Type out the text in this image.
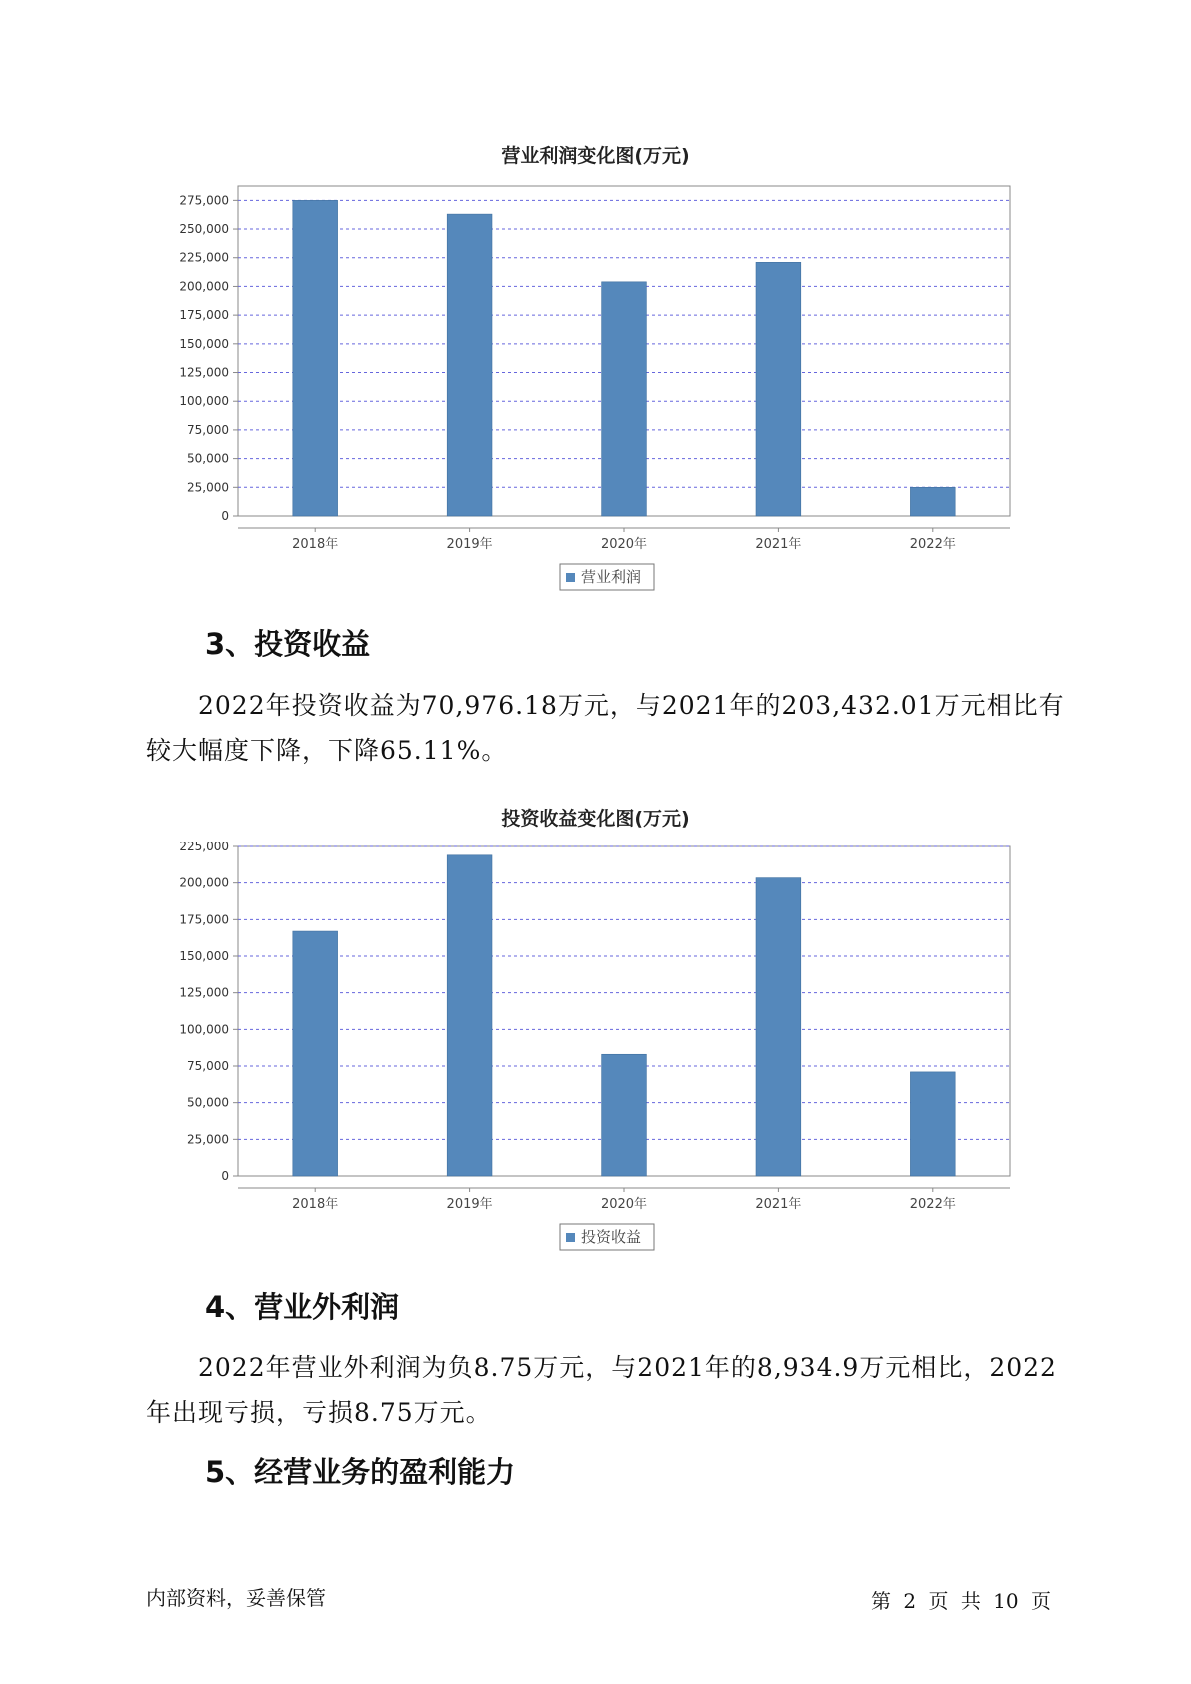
营业利润变化图(万元)
0
25,000
50,000
75,000
100,000
125,000
150,000
175,000
200,000
225,000
250,000
275,000
2018年	2019年	2020年	2021年	2022年
营业利润
3、投资收益
2022年投资收益为70,976.18万元，与2021年的203,432.01万元相比有
较大幅度下降，下降65.11%。
投资收益变化图(万元)
0
25,000
50,000
75,000
100,000
125,000
150,000
175,000
200,000
225,000
2018年	2019年	2020年	2021年	2022年
投资收益
4、营业外利润
2022年营业外利润为负8.75万元，与2021年的8,934.9万元相比，2022
年出现亏损，亏损8.75万元。
5、经营业务的盈利能力
内部资料，妥善保管	第 2 页 共 10 页
